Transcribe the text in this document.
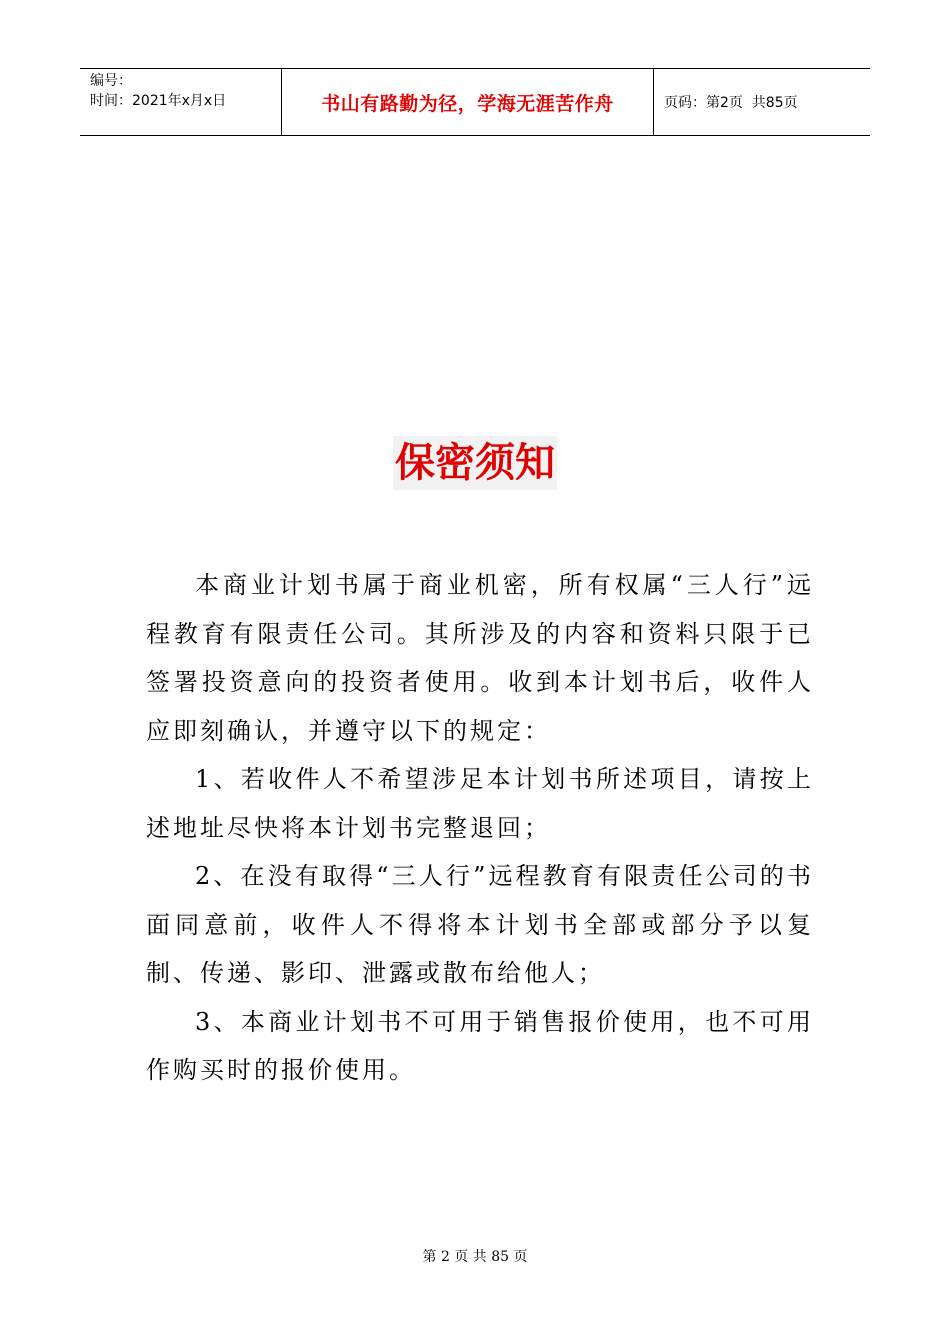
编号：
时间：2021年x月x日	书山有路勤为径，学海无涯苦作舟	页码：第2页  共85页
保密须知

本商业计划书属于商业机密，所有权属“三人行”远程教育有限责任公司。其所涉及的内容和资料只限于已签署投资意向的投资者使用。收到本计划书后，收件人应即刻确认，并遵守以下的规定：

1、若收件人不希望涉足本计划书所述项目，请按上述地址尽快将本计划书完整退回；

2、在没有取得“三人行”远程教育有限责任公司的书面同意前，收件人不得将本计划书全部或部分予以复制、传递、影印、泄露或散布给他人；

3、本商业计划书不可用于销售报价使用，也不可用作购买时的报价使用。

第 2 页 共 85 页
